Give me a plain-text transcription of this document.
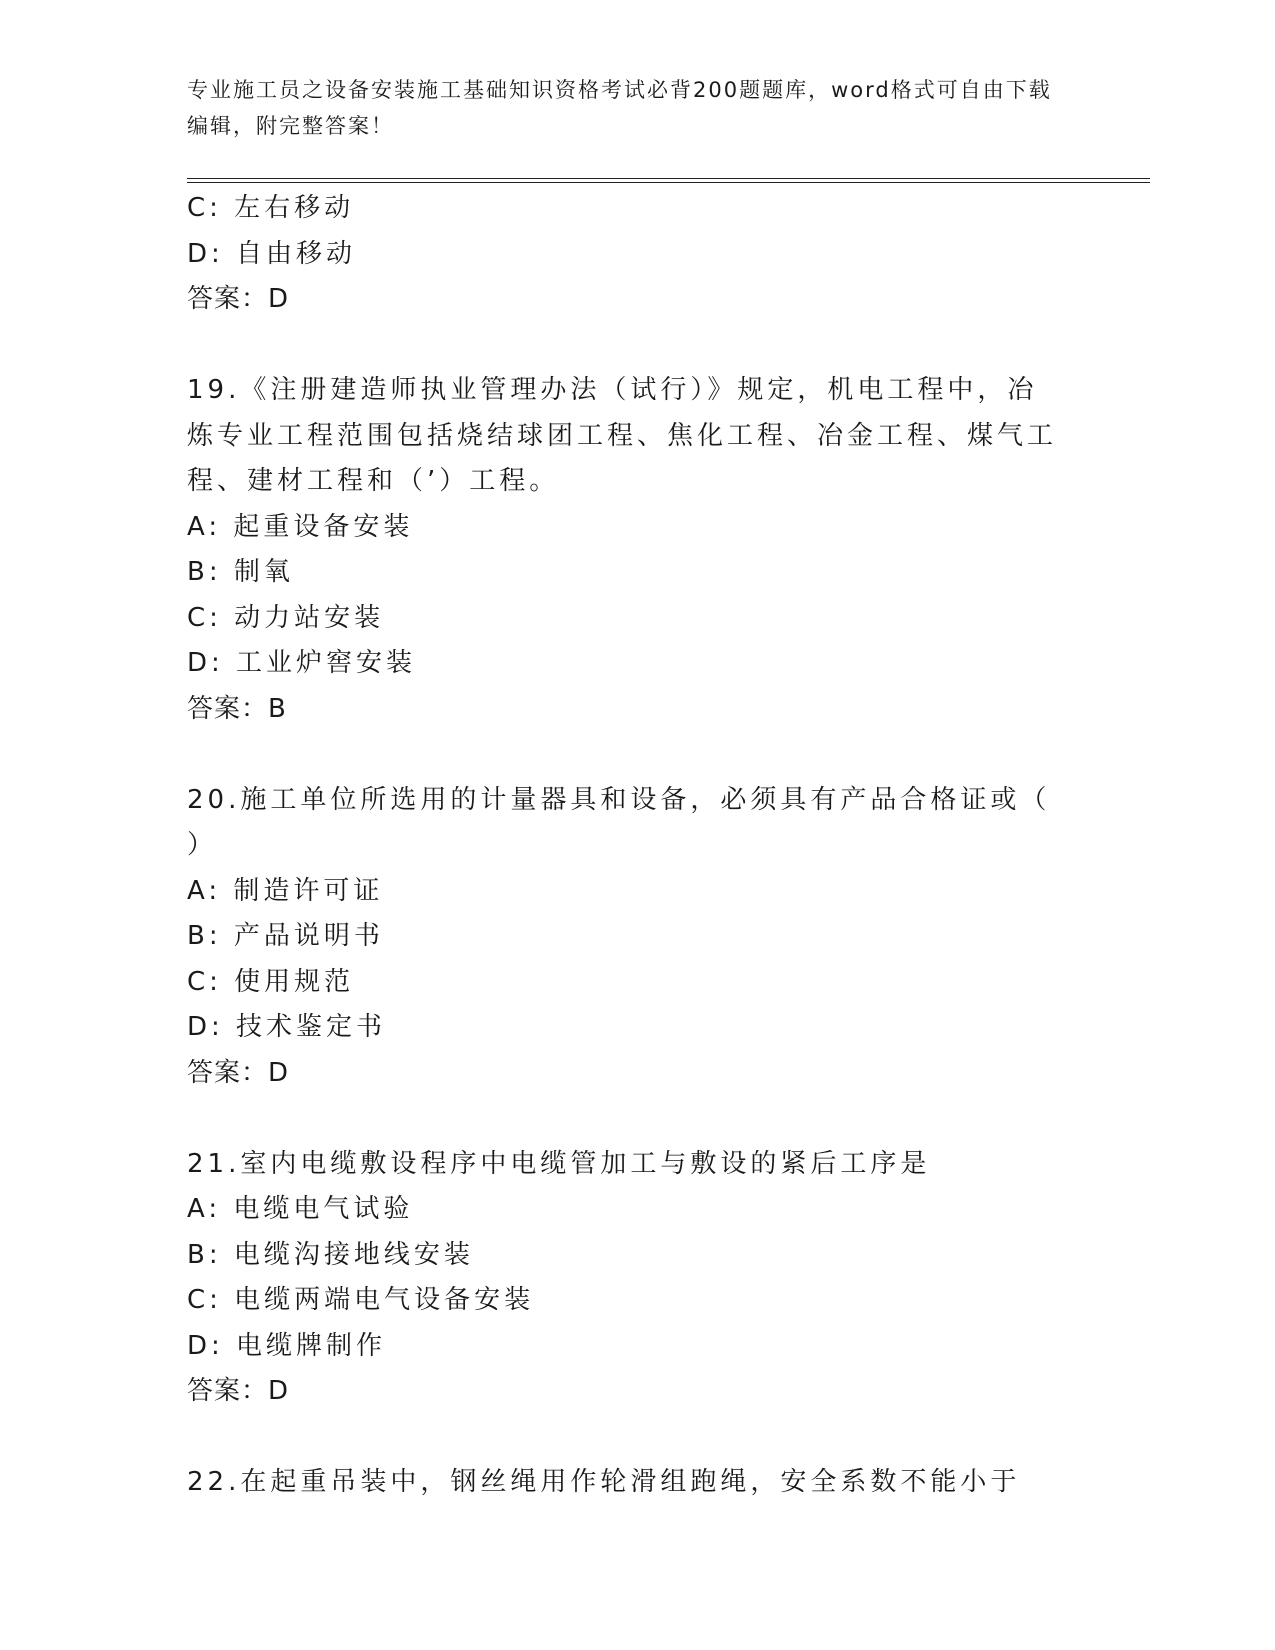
专业施工员之设备安装施工基础知识资格考试必背200题题库，word格式可自由下载编辑，附完整答案！
C: 左右移动
D: 自由移动
答案：D
19.《注册建造师执业管理办法（试行）》规定，机电工程中，冶炼专业工程范围包括烧结球团工程、焦化工程、冶金工程、煤气工程、建材工程和（’）工程。
A: 起重设备安装
B: 制氧
C: 动力站安装
D: 工业炉窖安装
答案：B
20.施工单位所选用的计量器具和设备，必须具有产品合格证或（ ）
A: 制造许可证
B: 产品说明书
C: 使用规范
D: 技术鉴定书
答案：D
21.室内电缆敷设程序中电缆管加工与敷设的紧后工序是
A: 电缆电气试验
B: 电缆沟接地线安装
C: 电缆两端电气设备安装
D: 电缆牌制作
答案：D
22.在起重吊装中，钢丝绳用作轮滑组跑绳，安全系数不能小于
